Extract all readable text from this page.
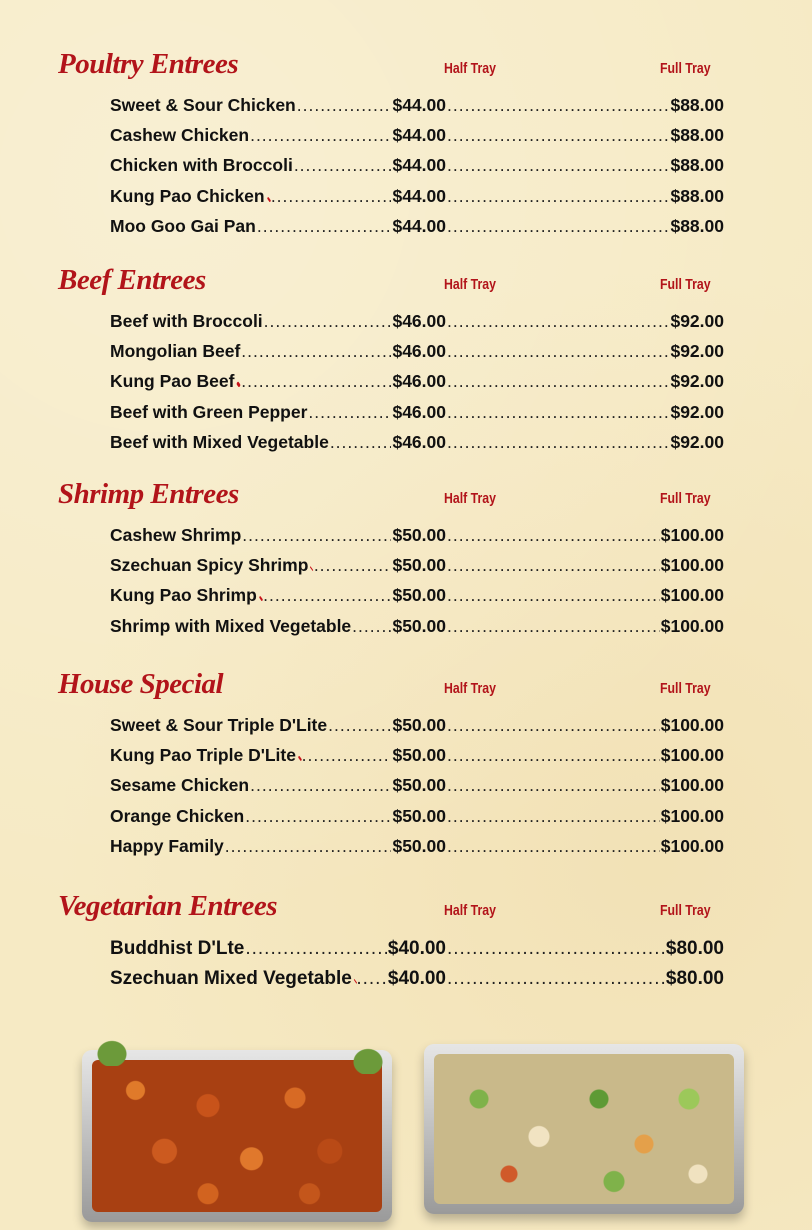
Poultry Entrees	Half Tray	Full Tray
Sweet & Sour Chicken .....	$44.00 .....	$88.00
Cashew Chicken .....	$44.00 .....	$88.00
Chicken with Broccoli .....	$44.00 .....	$88.00
Kung Pao Chicken .....	$44.00 .....	$88.00
Moo Goo Gai Pan .....	$44.00 .....	$88.00
Beef Entrees	Half Tray	Full Tray
Beef with Broccoli .....	$46.00 .....	$92.00
Mongolian Beef .....	$46.00 .....	$92.00
Kung Pao Beef .....	$46.00 .....	$92.00
Beef with Green Pepper .....	$46.00 .....	$92.00
Beef with Mixed Vegetable .....	$46.00 .....	$92.00
Shrimp Entrees	Half Tray	Full Tray
Cashew Shrimp .....	$50.00 .....	$100.00
Szechuan Spicy Shrimp .....	$50.00 .....	$100.00
Kung Pao Shrimp .....	$50.00 .....	$100.00
Shrimp with Mixed Vegetable ..... $50.00 .....	$100.00
House Special	Half Tray	Full Tray
Sweet & Sour Triple D'Lite .....	$50.00 .....	$100.00
Kung Pao Triple D'Lite .....	$50.00 .....	$100.00
Sesame Chicken .....	$50.00 .....	$100.00
Orange Chicken .....	$50.00 .....	$100.00
Happy Family .....	$50.00 .....	$100.00
Vegetarian Entrees	Half Tray	Full Tray
Buddhist D'Lte .....	$40.00 .....	$80.00
Szechuan Mixed Vegetable ..... $40.00 .....	$80.00
